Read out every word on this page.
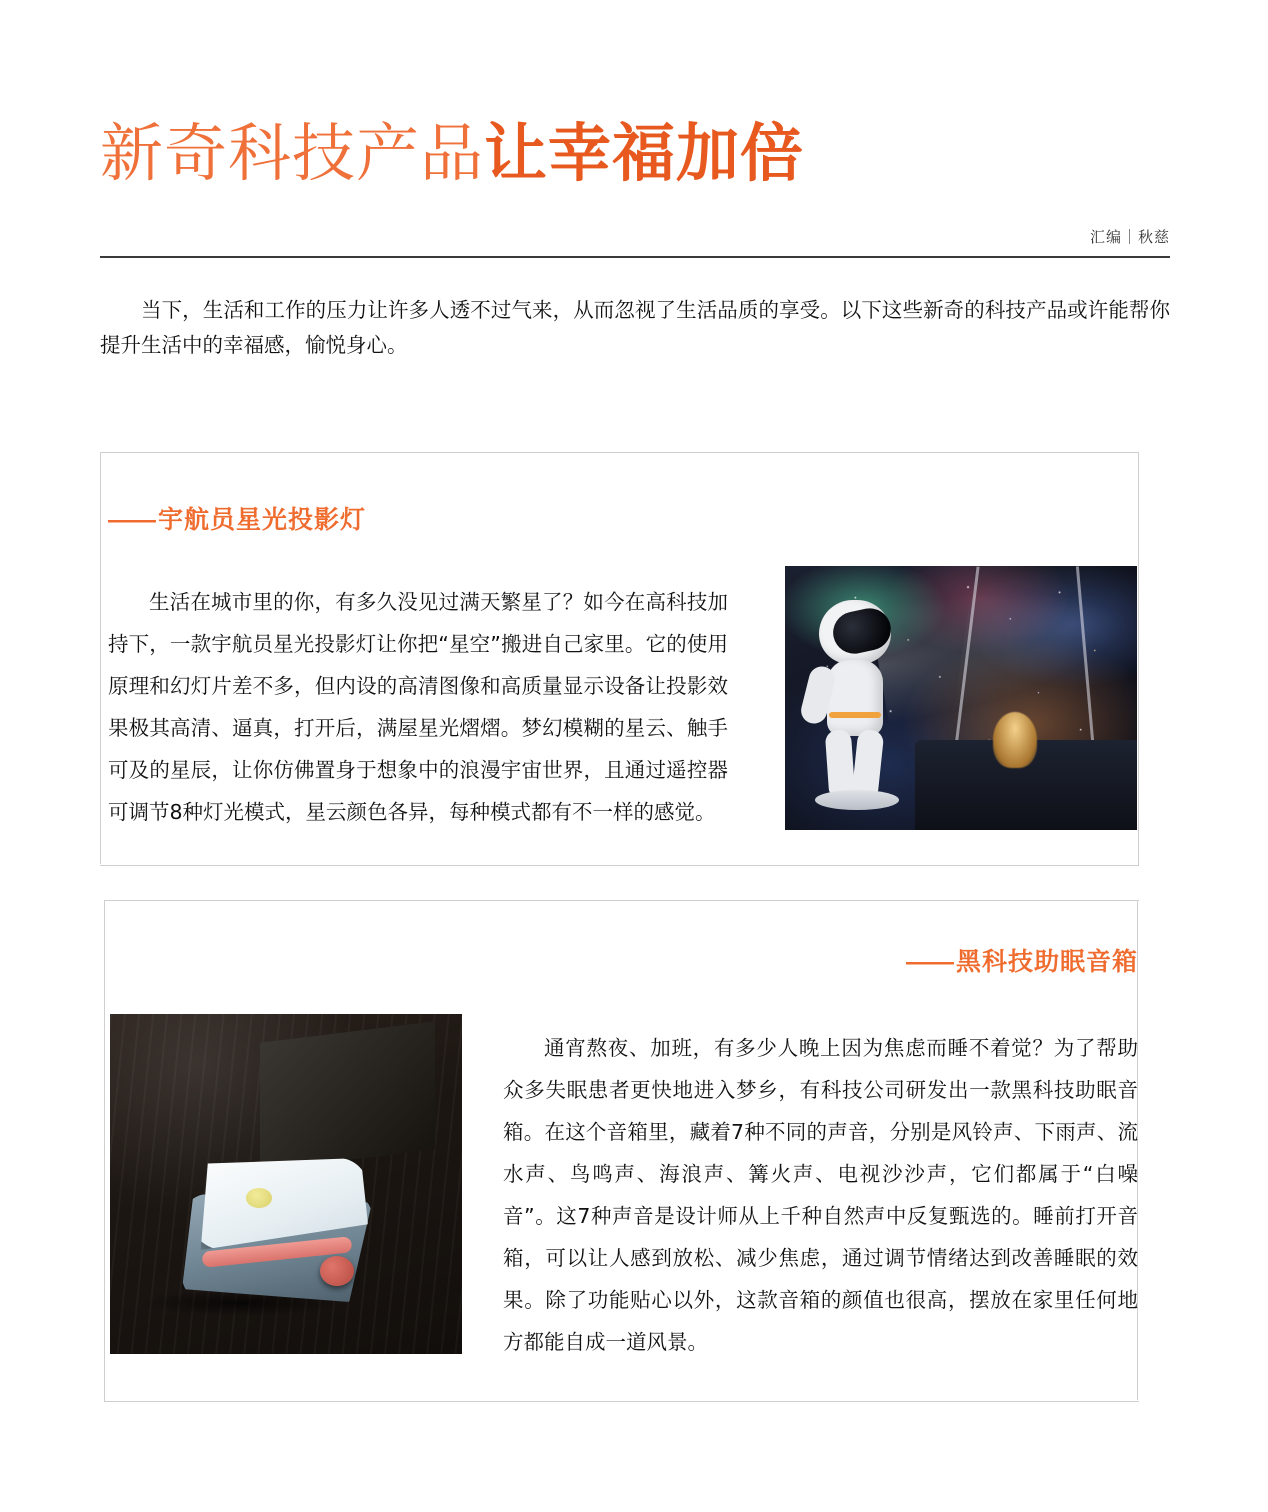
新奇科技产品让幸福加倍
汇编｜秋慈

当下，生活和工作的压力让许多人透不过气来，从而忽视了生活品质的享受。以下这些新奇的科技产品或许能帮你提升生活中的幸福感，愉悦身心。

—— 宇航员星光投影灯

生活在城市里的你，有多久没见过满天繁星了？如今在高科技加持下，一款宇航员星光投影灯让你把“星空”搬进自己家里。它的使用原理和幻灯片差不多，但内设的高清图像和高质量显示设备让投影效果极其高清、逼真，打开后，满屋星光熠熠。梦幻模糊的星云、触手可及的星辰，让你仿佛置身于想象中的浪漫宇宙世界，且通过遥控器可调节8种灯光模式，星云颜色各异，每种模式都有不一样的感觉。

—— 黑科技助眠音箱

通宵熬夜、加班，有多少人晚上因为焦虑而睡不着觉？为了帮助众多失眠患者更快地进入梦乡，有科技公司研发出一款黑科技助眠音箱。在这个音箱里，藏着7种不同的声音，分别是风铃声、下雨声、流水声、鸟鸣声、海浪声、篝火声、电视沙沙声，它们都属于“白噪音”。这7种声音是设计师从上千种自然声中反复甄选的。睡前打开音箱，可以让人感到放松、减少焦虑，通过调节情绪达到改善睡眠的效果。除了功能贴心以外，这款音箱的颜值也很高，摆放在家里任何地方都能自成一道风景。
